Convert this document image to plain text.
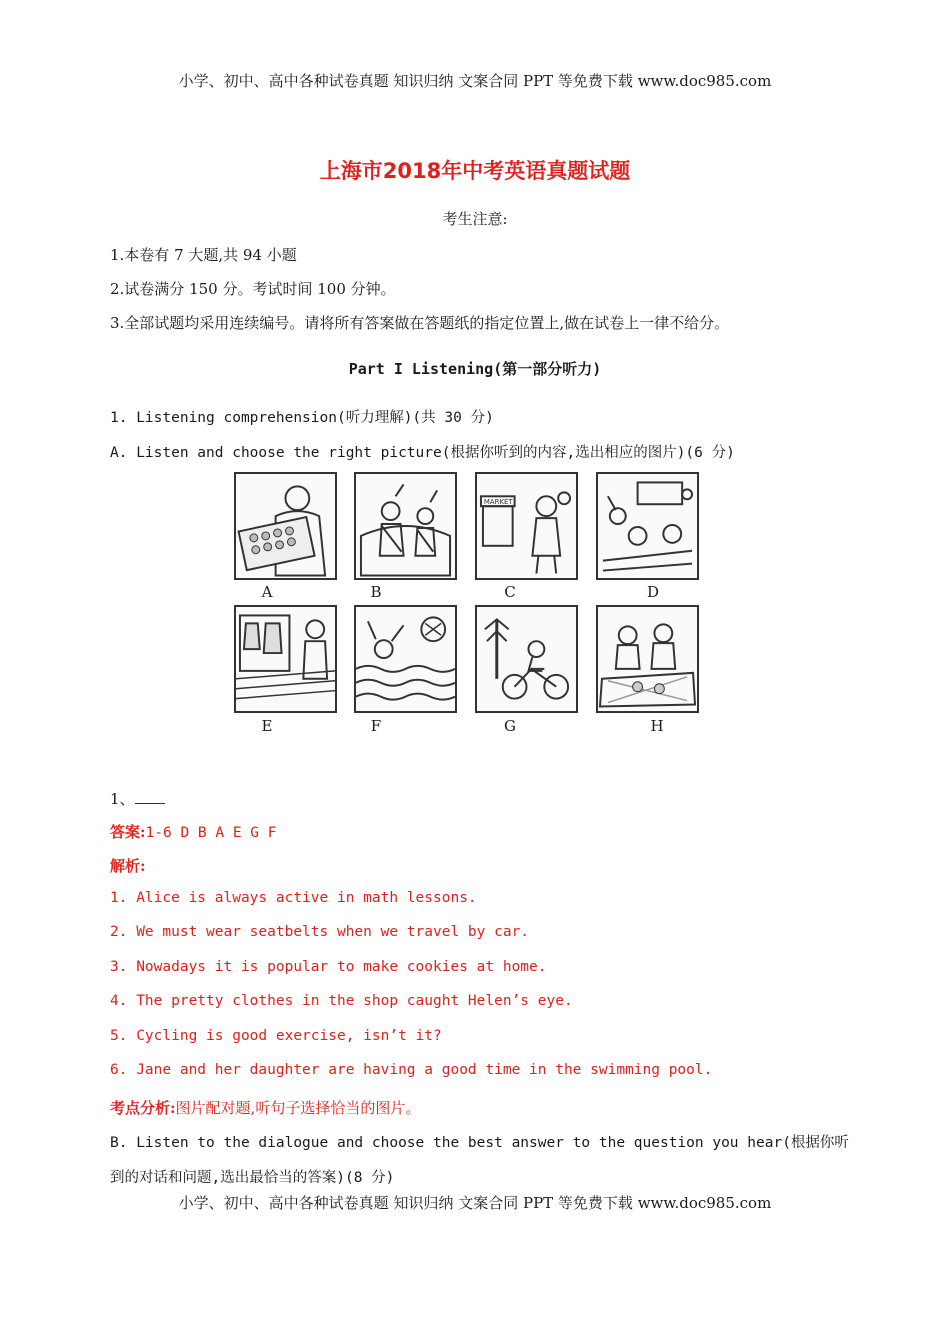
小学、初中、高中各种试卷真题 知识归纳 文案合同 PPT 等免费下载 www.doc985.com
上海市2018年中考英语真题试题
考生注意:
1.本卷有 7 大题,共 94 小题
2.试卷满分 150 分。考试时间 100 分钟。
3.全部试题均采用连续编号。请将所有答案做在答题纸的指定位置上,做在试卷上一律不给分。
Part I Listening(第一部分听力)
1. Listening comprehension(听力理解)(共 30 分)
A. Listen and choose the right picture(根据你听到的内容,选出相应的图片)(6 分)
MARKET
A	B	C	D
E	F	G	H
1、
答案:1-6 D B A E G F
解析:
1. Alice is always active in math lessons.
2. We must wear seatbelts when we travel by car.
3. Nowadays it is popular to make cookies at home.
4. The pretty clothes in the shop caught Helen’s eye.
5. Cycling is good exercise, isn’t it?
6. Jane and her daughter are having a good time in the swimming pool.
考点分析:图片配对题,听句子选择恰当的图片。
B. Listen to the dialogue and choose the best answer to the question you hear(根据你听
到的对话和问题,选出最恰当的答案)(8 分)
小学、初中、高中各种试卷真题 知识归纳 文案合同 PPT 等免费下载 www.doc985.com
